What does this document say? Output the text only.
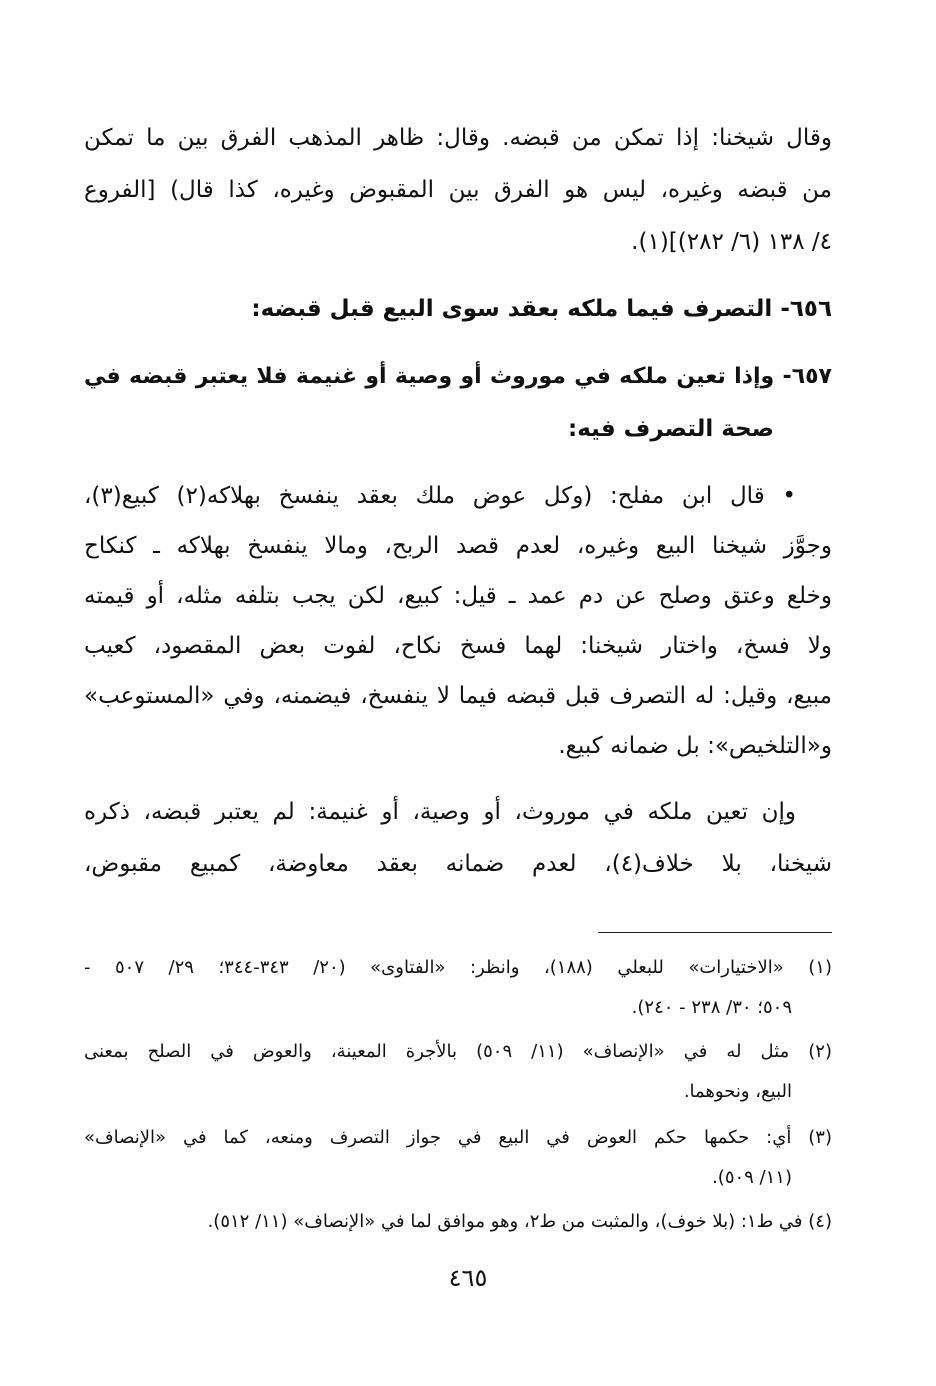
وقال شيخنا: إذا تمكن من قبضه. وقال: ظاهر المذهب الفرق بين ما تمكن
من قبضه وغيره، ليس هو الفرق بين المقبوض وغيره، كذا قال) [الفروع
٤/ ١٣٨ (٦/ ٢٨٢)](١).
٦٥٦- التصرف فيما ملكه بعقد سوى البيع قبل قبضه:
٦٥٧- وإذا تعين ملكه في موروث أو وصية أو غنيمة فلا يعتبر قبضه في
صحة التصرف فيه:
• قال ابن مفلح: (وكل عوض ملك بعقد ينفسخ بهلاكه(٢) كبيع(٣)،
وجوَّز شيخنا البيع وغيره، لعدم قصد الربح، ومالا ينفسخ بهلاكه ـ كنكاح
وخلع وعتق وصلح عن دم عمد ـ قيل: كبيع، لكن يجب بتلفه مثله، أو قيمته
ولا فسخ، واختار شيخنا: لهما فسخ نكاح، لفوت بعض المقصود، كعيب
مبيع، وقيل: له التصرف قبل قبضه فيما لا ينفسخ، فيضمنه، وفي «المستوعب»
و«التلخيص»: بل ضمانه كبيع.
وإن تعين ملكه في موروث، أو وصية، أو غنيمة: لم يعتبر قبضه، ذكره
شيخنا، بلا خلاف(٤)، لعدم ضمانه بعقد معاوضة، كمبيع مقبوض،
(١) «الاختيارات» للبعلي (١٨٨)، وانظر: «الفتاوى» (٢٠/ ٣٤٣-٣٤٤؛ ٢٩/ ٥٠٧ -
٥٠٩؛ ٣٠/ ٢٣٨ - ٢٤٠).
(٢) مثل له في «الإنصاف» (١١/ ٥٠٩) بالأجرة المعينة، والعوض في الصلح بمعنى
البيع، ونحوهما.
(٣) أي: حكمها حكم العوض في البيع في جواز التصرف ومنعه، كما في «الإنصاف»
(١١/ ٥٠٩).
(٤) في ط١: (بلا خوف)، والمثبت من ط٢، وهو موافق لما في «الإنصاف» (١١/ ٥١٢).
٤٦٥
